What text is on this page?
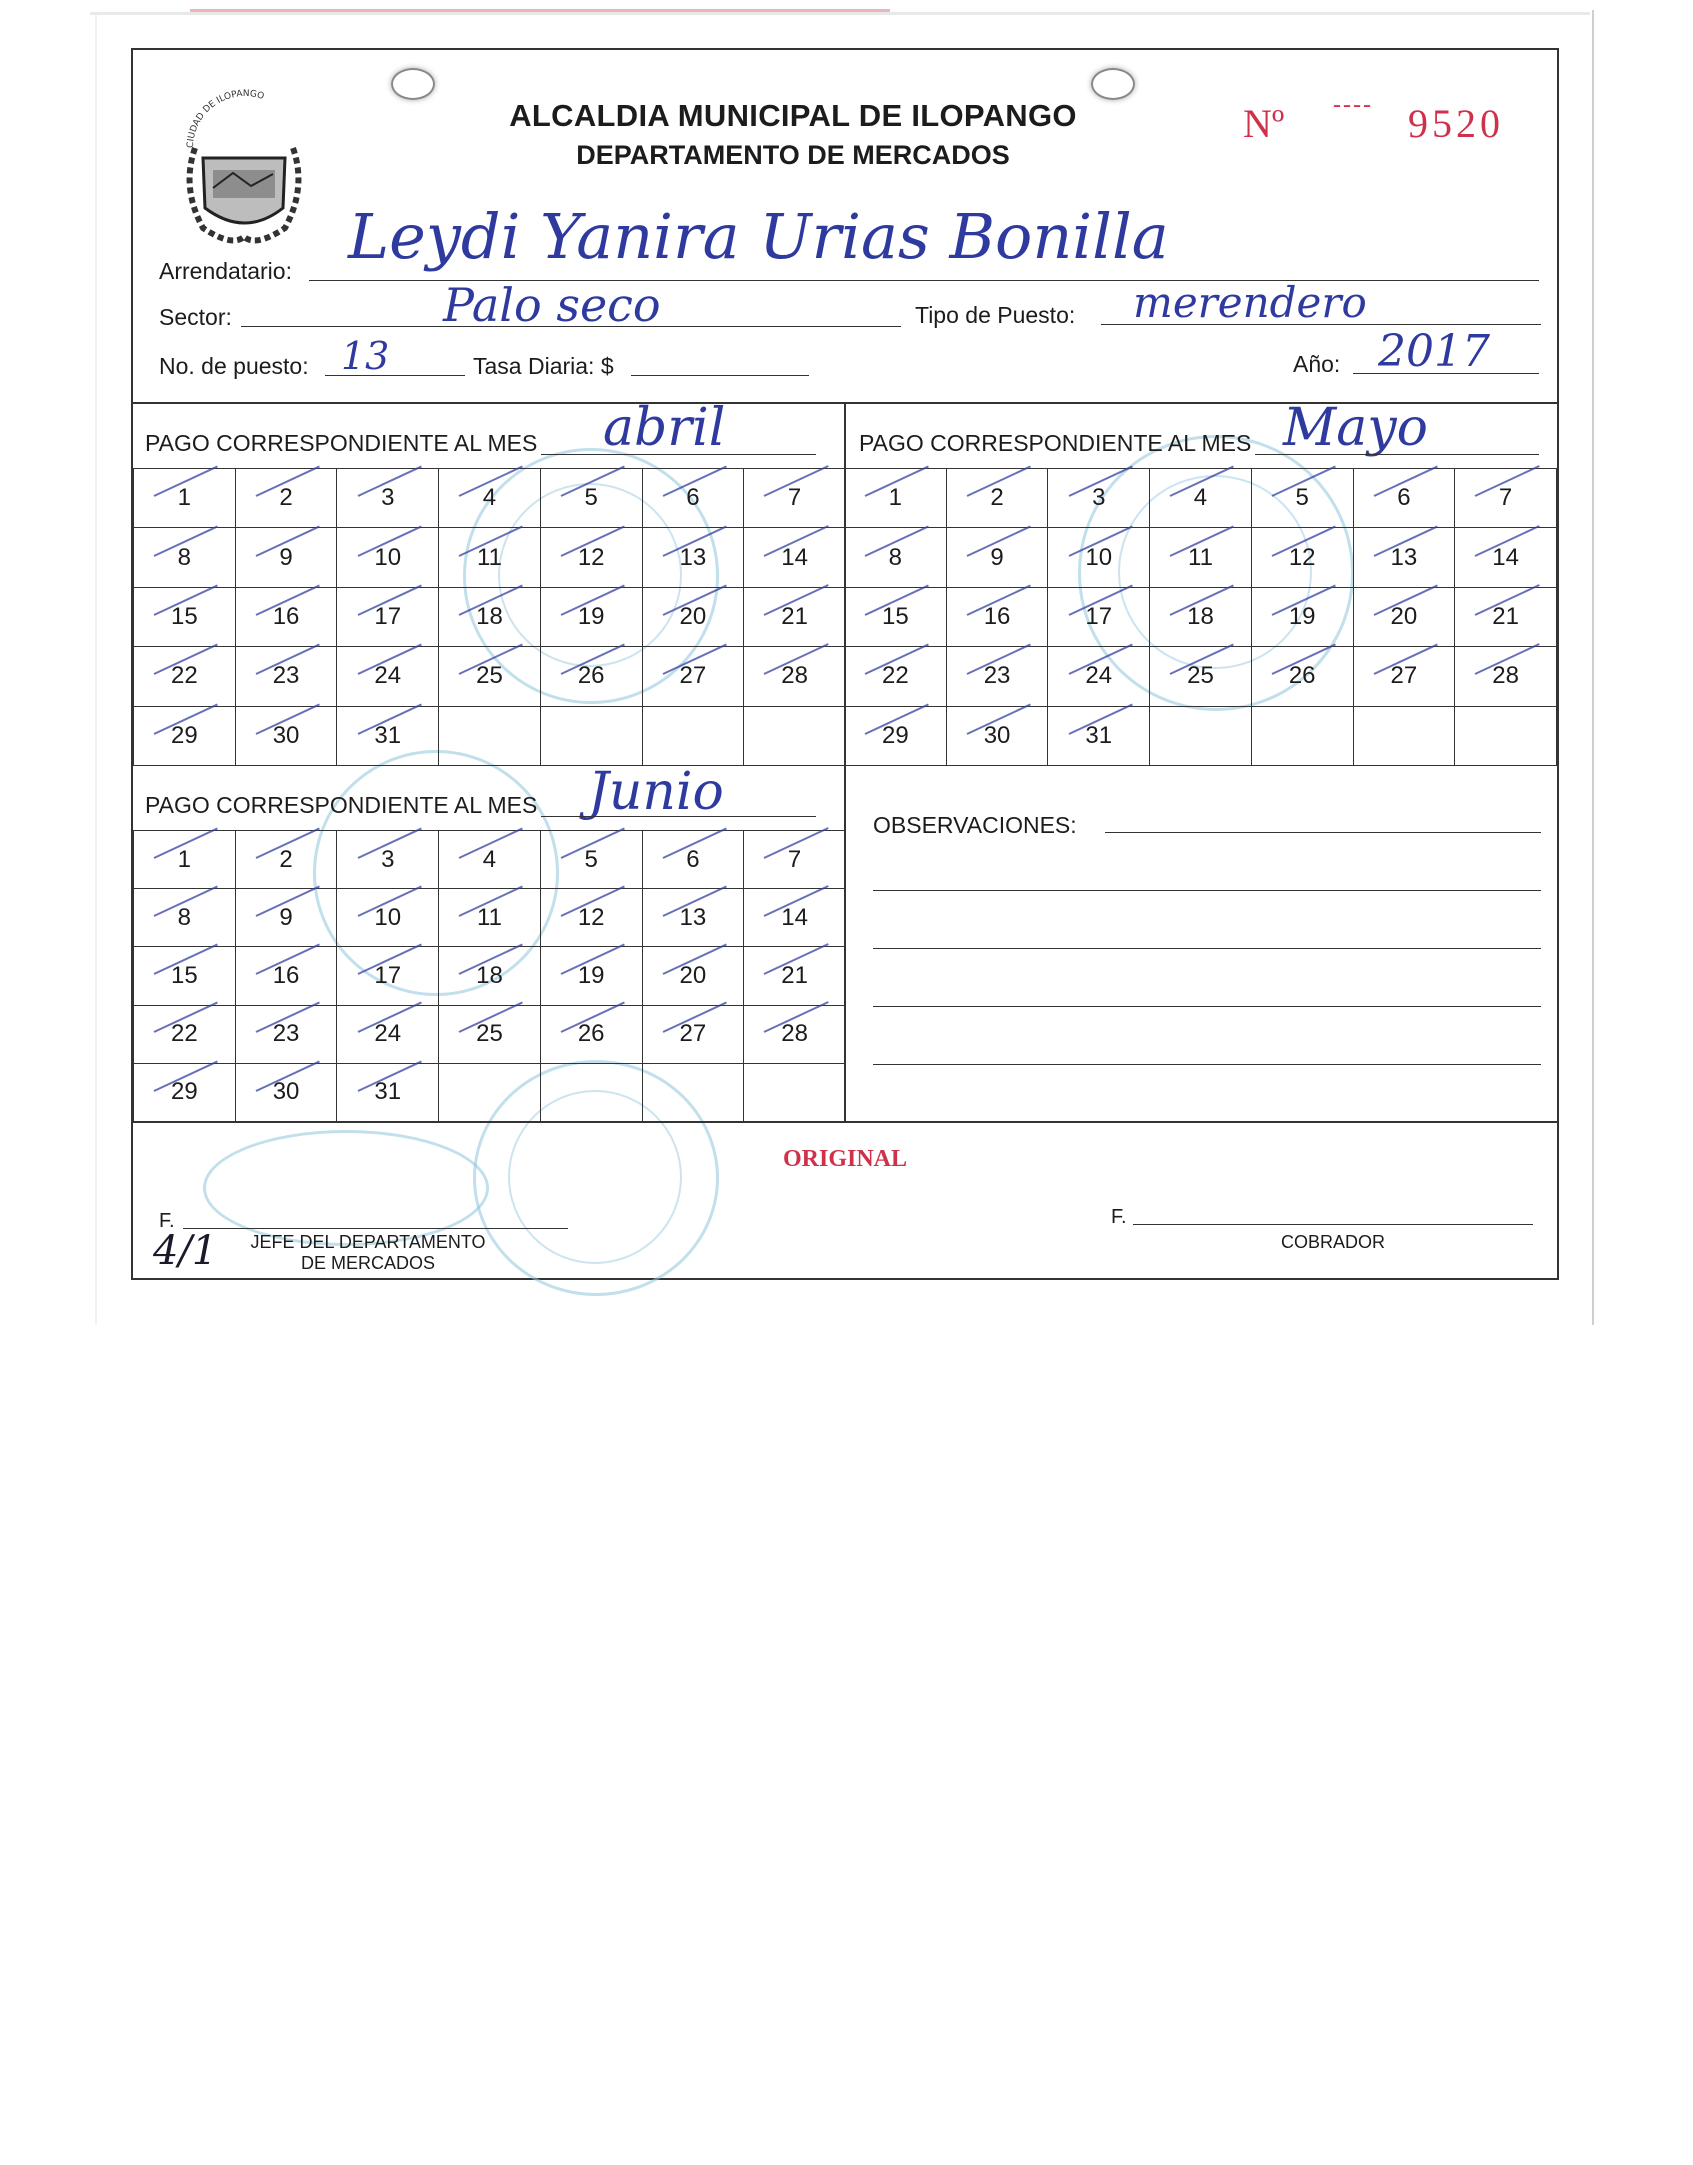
CIUDAD DE ILOPANGO
ALCALDIA MUNICIPAL DE ILOPANGO
DEPARTAMENTO DE MERCADOS
Nº ---- 9520
Arrendatario: Leydi Yanira Urias Bonilla
Sector:	Palo seco	Tipo de Puesto: merendero
No. de puesto: 13	Tasa Diaria: $	Año: 2017
PAGO CORRESPONDIENTE AL MES abril	PAGO CORRESPONDIENTE AL MES Mayo
PAGO CORRESPONDIENTE AL MES Junio
1	2	3	4	5	6	7

8	9	10	11	12	13	14

15	16	17	18	19	20	21

22	23	24	25	26	27	28

29	30	31

1	2	3	4	5	6	7

8	9	10	11	12	13	14

15	16	17	18	19	20	21

22	23	24	25	26	27	28

29	30	31

1	2	3	4	5	6	7

8	9	10	11	12	13	14

15	16	17	18	19	20	21

22	23	24	25	26	27	28

29	30	31

OBSERVACIONES:
ORIGINAL
F.
JEFE DEL DEPARTAMENTO
DE MERCADOS
4/1
F.
COBRADOR
